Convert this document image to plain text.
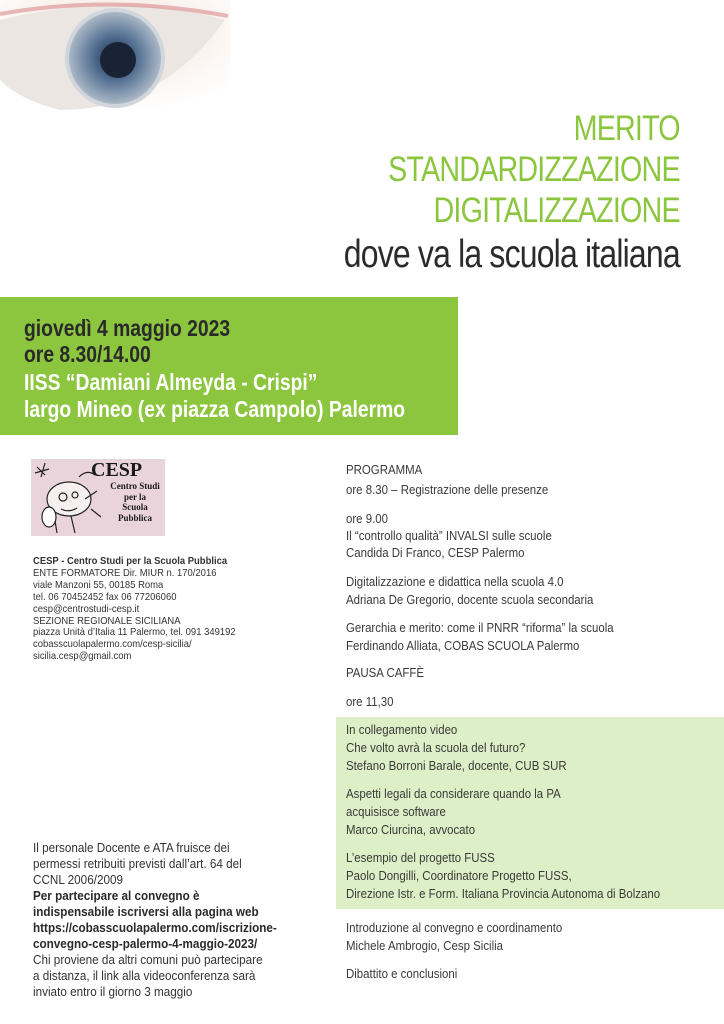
MERITO
STANDARDIZZAZIONE
DIGITALIZZAZIONE
dove va la scuola italiana
giovedì 4 maggio 2023
ore 8.30/14.00
IISS “Damiani Almeyda - Crispi”
largo Mineo (ex piazza Campolo) Palermo
CESP
Centro Studi
per la
Scuola
Pubblica
CESP - Centro Studi per la Scuola Pubblica
ENTE FORMATORE Dir. MIUR n. 170/2016
viale Manzoni 55, 00185 Roma
tel. 06 70452452 fax 06 77206060
cesp@centrostudi-cesp.it
SEZIONE REGIONALE SICILIANA
piazza Unità d’Italia 11 Palermo, tel. 091 349192
cobasscuolapalermo.com/cesp-sicilia/
sicilia.cesp@gmail.com
Il personale Docente e ATA fruisce dei
permessi retribuiti previsti dall’art. 64 del
CCNL 2006/2009
Per partecipare al convegno è
indispensabile iscriversi alla pagina web
https://cobasscuolapalermo.com/iscrizione-
convegno-cesp-palermo-4-maggio-2023/
Chi proviene da altri comuni può partecipare
a distanza, il link alla videoconferenza sarà
inviato entro il giorno 3 maggio
PROGRAMMA
ore 8.30 – Registrazione delle presenze
ore 9.00
Il “controllo qualità” INVALSI sulle scuole
Candida Di Franco, CESP Palermo
Digitalizzazione e didattica nella scuola 4.0
Adriana De Gregorio, docente scuola secondaria
Gerarchia e merito: come il PNRR “riforma” la scuola
Ferdinando Alliata, COBAS SCUOLA Palermo
PAUSA CAFFÈ
ore 11,30
In collegamento video
Che volto avrà la scuola del futuro?
Stefano Borroni Barale, docente, CUB SUR
Aspetti legali da considerare quando la PA
acquisisce software
Marco Ciurcina, avvocato
L’esempio del progetto FUSS
Paolo Dongilli, Coordinatore Progetto FUSS,
Direzione Istr. e Form. Italiana Provincia Autonoma di Bolzano
Introduzione al convegno e coordinamento
Michele Ambrogio, Cesp Sicilia
Dibattito e conclusioni
